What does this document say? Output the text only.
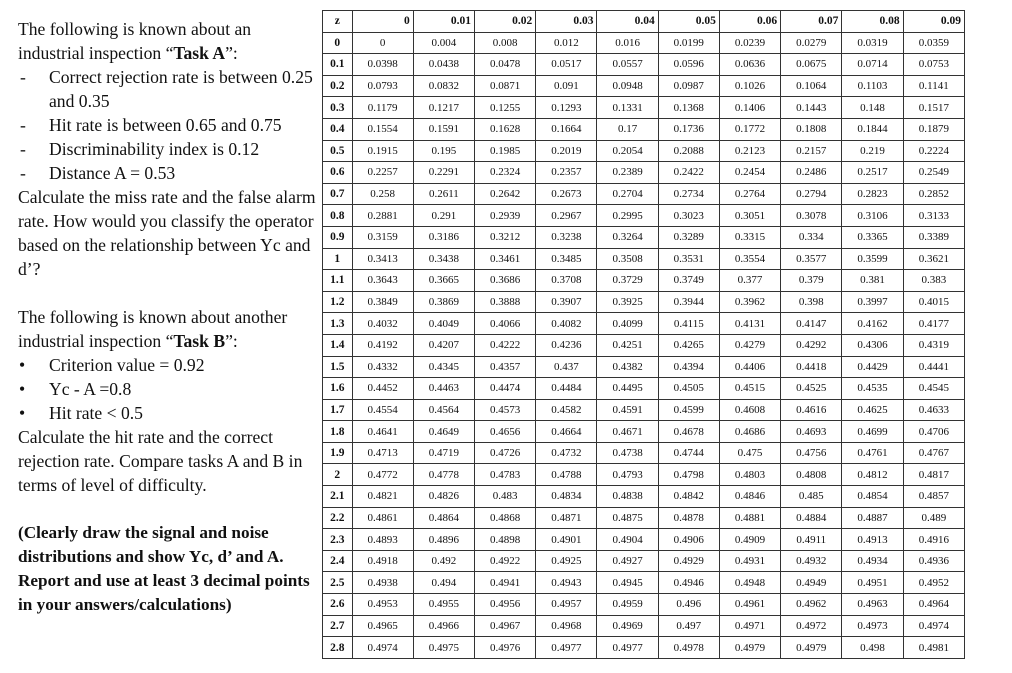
The following is known about an industrial inspection “Task A”:

- Correct rejection rate is between 0.25 and 0.35

- Hit rate is between 0.65 and 0.75

- Discriminability index is 0.12

- Distance A = 0.53

Calculate the miss rate and the false alarm rate. How would you classify the operator based on the relationship between Yc and d’?

The following is known about another industrial inspection “Task B”:

• Criterion value = 0.92

• Yc - A =0.8

• Hit rate < 0.5

Calculate the hit rate and the correct rejection rate. Compare tasks A and B in terms of level of difficulty.

(Clearly draw the signal and noise distributions and show Yc, d’ and A. Report and use at least 3 decimal points in your answers/calculations)

z	0	0.01	0.02	0.03	0.04	0.05	0.06	0.07	0.08	0.09
0	0	0.004	0.008	0.012	0.016	0.0199	0.0239	0.0279	0.0319	0.0359
0.1	0.0398	0.0438	0.0478	0.0517	0.0557	0.0596	0.0636	0.0675	0.0714	0.0753
0.2	0.0793	0.0832	0.0871	0.091	0.0948	0.0987	0.1026	0.1064	0.1103	0.1141
0.3	0.1179	0.1217	0.1255	0.1293	0.1331	0.1368	0.1406	0.1443	0.148	0.1517
0.4	0.1554	0.1591	0.1628	0.1664	0.17	0.1736	0.1772	0.1808	0.1844	0.1879
0.5	0.1915	0.195	0.1985	0.2019	0.2054	0.2088	0.2123	0.2157	0.219	0.2224
0.6	0.2257	0.2291	0.2324	0.2357	0.2389	0.2422	0.2454	0.2486	0.2517	0.2549
0.7	0.258	0.2611	0.2642	0.2673	0.2704	0.2734	0.2764	0.2794	0.2823	0.2852
0.8	0.2881	0.291	0.2939	0.2967	0.2995	0.3023	0.3051	0.3078	0.3106	0.3133
0.9	0.3159	0.3186	0.3212	0.3238	0.3264	0.3289	0.3315	0.334	0.3365	0.3389
1	0.3413	0.3438	0.3461	0.3485	0.3508	0.3531	0.3554	0.3577	0.3599	0.3621
1.1	0.3643	0.3665	0.3686	0.3708	0.3729	0.3749	0.377	0.379	0.381	0.383
1.2	0.3849	0.3869	0.3888	0.3907	0.3925	0.3944	0.3962	0.398	0.3997	0.4015
1.3	0.4032	0.4049	0.4066	0.4082	0.4099	0.4115	0.4131	0.4147	0.4162	0.4177
1.4	0.4192	0.4207	0.4222	0.4236	0.4251	0.4265	0.4279	0.4292	0.4306	0.4319
1.5	0.4332	0.4345	0.4357	0.437	0.4382	0.4394	0.4406	0.4418	0.4429	0.4441
1.6	0.4452	0.4463	0.4474	0.4484	0.4495	0.4505	0.4515	0.4525	0.4535	0.4545
1.7	0.4554	0.4564	0.4573	0.4582	0.4591	0.4599	0.4608	0.4616	0.4625	0.4633
1.8	0.4641	0.4649	0.4656	0.4664	0.4671	0.4678	0.4686	0.4693	0.4699	0.4706
1.9	0.4713	0.4719	0.4726	0.4732	0.4738	0.4744	0.475	0.4756	0.4761	0.4767
2	0.4772	0.4778	0.4783	0.4788	0.4793	0.4798	0.4803	0.4808	0.4812	0.4817
2.1	0.4821	0.4826	0.483	0.4834	0.4838	0.4842	0.4846	0.485	0.4854	0.4857
2.2	0.4861	0.4864	0.4868	0.4871	0.4875	0.4878	0.4881	0.4884	0.4887	0.489
2.3	0.4893	0.4896	0.4898	0.4901	0.4904	0.4906	0.4909	0.4911	0.4913	0.4916
2.4	0.4918	0.492	0.4922	0.4925	0.4927	0.4929	0.4931	0.4932	0.4934	0.4936
2.5	0.4938	0.494	0.4941	0.4943	0.4945	0.4946	0.4948	0.4949	0.4951	0.4952
2.6	0.4953	0.4955	0.4956	0.4957	0.4959	0.496	0.4961	0.4962	0.4963	0.4964
2.7	0.4965	0.4966	0.4967	0.4968	0.4969	0.497	0.4971	0.4972	0.4973	0.4974
2.8	0.4974	0.4975	0.4976	0.4977	0.4977	0.4978	0.4979	0.4979	0.498	0.4981
